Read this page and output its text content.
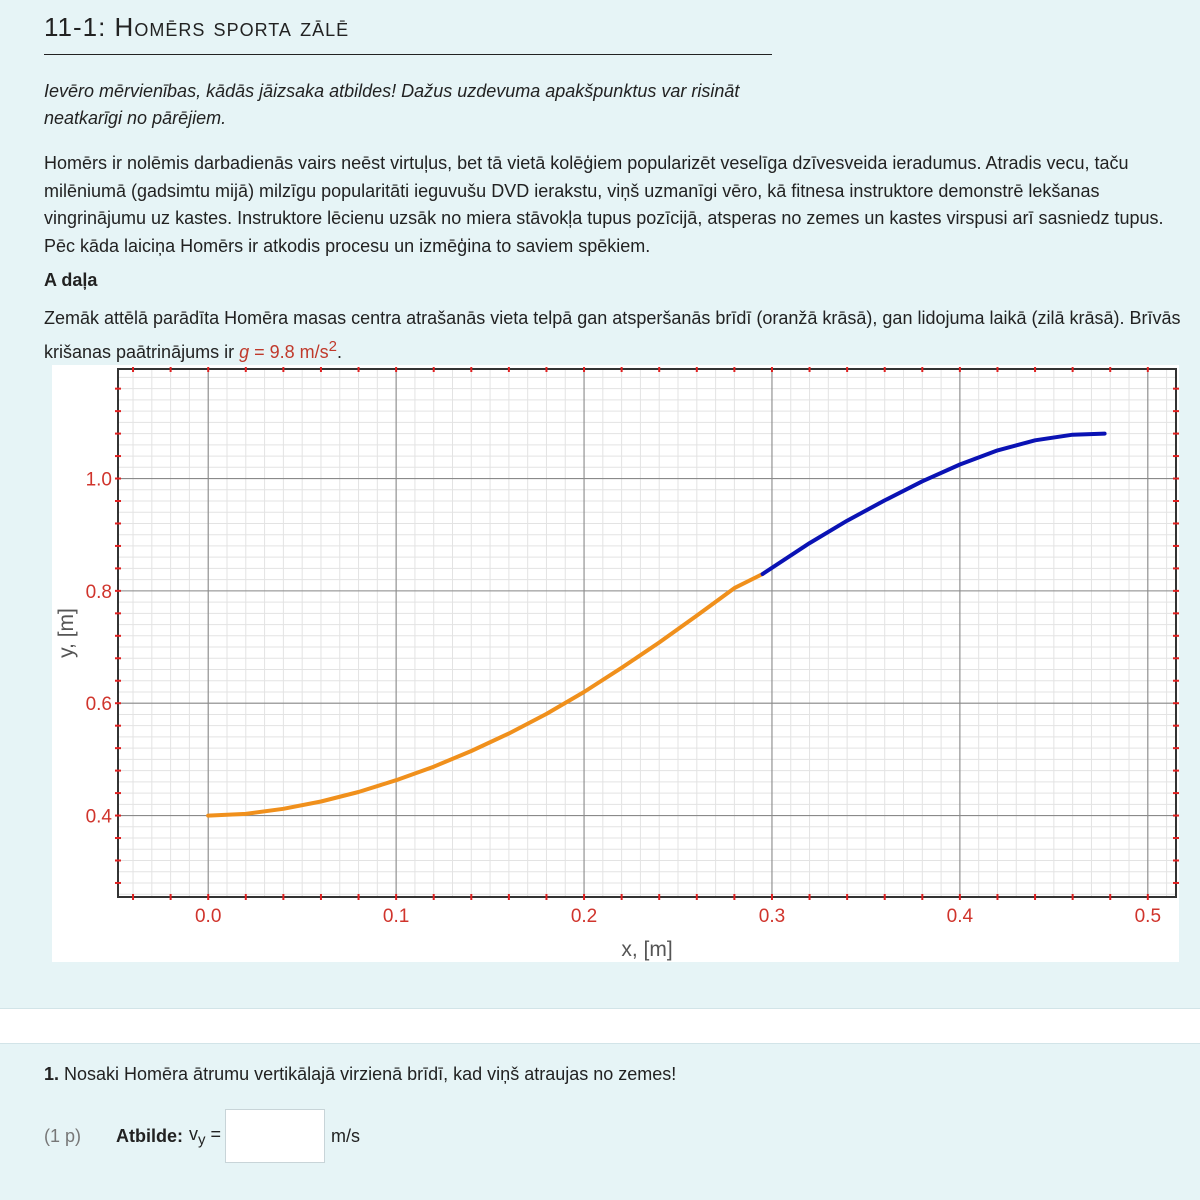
11-1: Homērs sporta zālē
Ievēro mērvienības, kādās jāizsaka atbildes! Dažus uzdevuma apakšpunktus var risināt neatkarīgi no pārējiem.
Homērs ir nolēmis darbadienās vairs neēst virtuļus, bet tā vietā kolēģiem popularizēt veselīga dzīvesveida ieradumus. Atradis vecu, taču milēniumā (gadsimtu mijā) milzīgu popularitāti ieguvušu DVD ierakstu, viņš uzmanīgi vēro, kā fitnesa instruktore demonstrē lekšanas vingrinājumu uz kastes. Instruktore lēcienu uzsāk no miera stāvokļa tupus pozīcijā, atsperas no zemes un kastes virspusi arī sasniedz tupus. Pēc kāda laiciņa Homērs ir atkodis procesu un izmēģina to saviem spēkiem.
A daļa
Zemāk attēlā parādīta Homēra masas centra atrašanās vieta telpā gan atsperšanās brīdī (oranžā krāsā), gan lidojuma laikā (zilā krāsā). Brīvās krišanas paātrinājums ir g = 9.8 $m/s^2$.
0.0	0.1	0.2	0.3	0.4	0.5
0.4
0.6
0.8
1.0
x, [m]
y, [m]
1. Nosaki Homēra ātrumu vertikālajā virzienā brīdī, kad viņš atraujas no zemes!
(1 p)	Atbilde: $v_y$ =	m/s
